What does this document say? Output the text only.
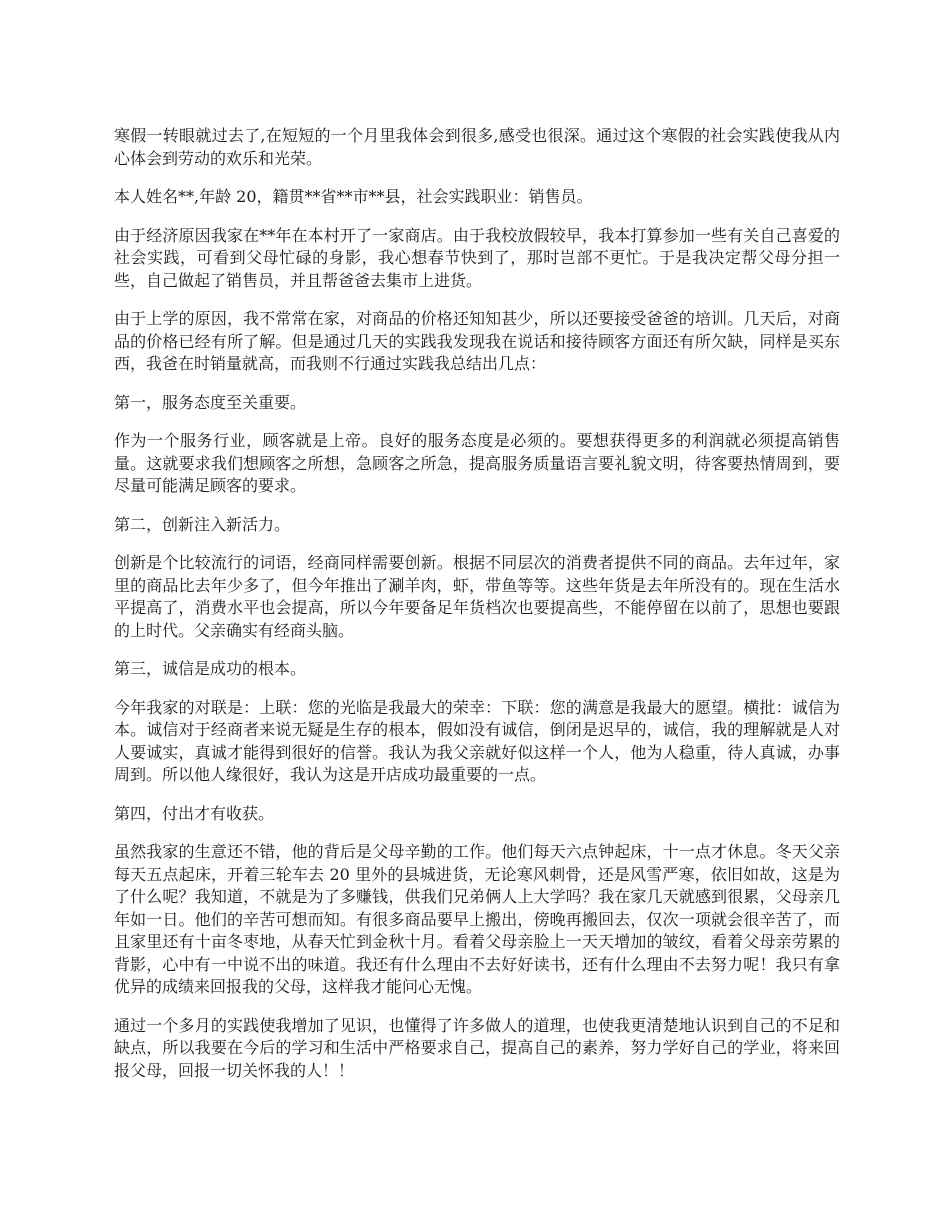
寒假一转眼就过去了,在短短的一个月里我体会到很多,感受也很深。通过这个寒假的社会实践使我从内心体会到劳动的欢乐和光荣。

本人姓名**,年龄 20，籍贯**省**市**县，社会实践职业：销售员。

由于经济原因我家在**年在本村开了一家商店。由于我校放假较早，我本打算参加一些有关自己喜爱的社会实践，可看到父母忙碌的身影，我心想春节快到了，那时岂部不更忙。于是我决定帮父母分担一些，自己做起了销售员，并且帮爸爸去集市上进货。

由于上学的原因，我不常常在家，对商品的价格还知知甚少，所以还要接受爸爸的培训。几天后，对商品的价格已经有所了解。但是通过几天的实践我发现我在说话和接待顾客方面还有所欠缺，同样是买东西，我爸在时销量就高，而我则不行通过实践我总结出几点：

第一，服务态度至关重要。

作为一个服务行业，顾客就是上帝。良好的服务态度是必须的。要想获得更多的利润就必须提高销售量。这就要求我们想顾客之所想，急顾客之所急，提高服务质量语言要礼貌文明，待客要热情周到，要尽量可能满足顾客的要求。

第二，创新注入新活力。

创新是个比较流行的词语，经商同样需要创新。根据不同层次的消费者提供不同的商品。去年过年，家里的商品比去年少多了，但今年推出了涮羊肉，虾，带鱼等等。这些年货是去年所没有的。现在生活水平提高了，消费水平也会提高，所以今年要备足年货档次也要提高些，不能停留在以前了，思想也要跟的上时代。父亲确实有经商头脑。

第三，诚信是成功的根本。

今年我家的对联是：上联：您的光临是我最大的荣幸：下联：您的满意是我最大的愿望。横批：诚信为本。诚信对于经商者来说无疑是生存的根本，假如没有诚信，倒闭是迟早的，诚信，我的理解就是人对人要诚实，真诚才能得到很好的信誉。我认为我父亲就好似这样一个人，他为人稳重，待人真诚，办事周到。所以他人缘很好，我认为这是开店成功最重要的一点。

第四，付出才有收获。

虽然我家的生意还不错，他的背后是父母辛勤的工作。他们每天六点钟起床，十一点才休息。冬天父亲每天五点起床，开着三轮车去 20 里外的县城进货，无论寒风刺骨，还是风雪严寒，依旧如故，这是为了什么呢？我知道，不就是为了多赚钱，供我们兄弟俩人上大学吗？我在家几天就感到很累，父母亲几年如一日。他们的辛苦可想而知。有很多商品要早上搬出，傍晚再搬回去，仅次一项就会很辛苦了，而且家里还有十亩冬枣地，从春天忙到金秋十月。看着父母亲脸上一天天增加的皱纹，看着父母亲劳累的背影，心中有一中说不出的味道。我还有什么理由不去好好读书，还有什么理由不去努力呢！我只有拿优异的成绩来回报我的父母，这样我才能问心无愧。

通过一个多月的实践使我增加了见识，也懂得了许多做人的道理，也使我更清楚地认识到自己的不足和缺点，所以我要在今后的学习和生活中严格要求自己，提高自己的素养，努力学好自己的学业，将来回报父母，回报一切关怀我的人！！
